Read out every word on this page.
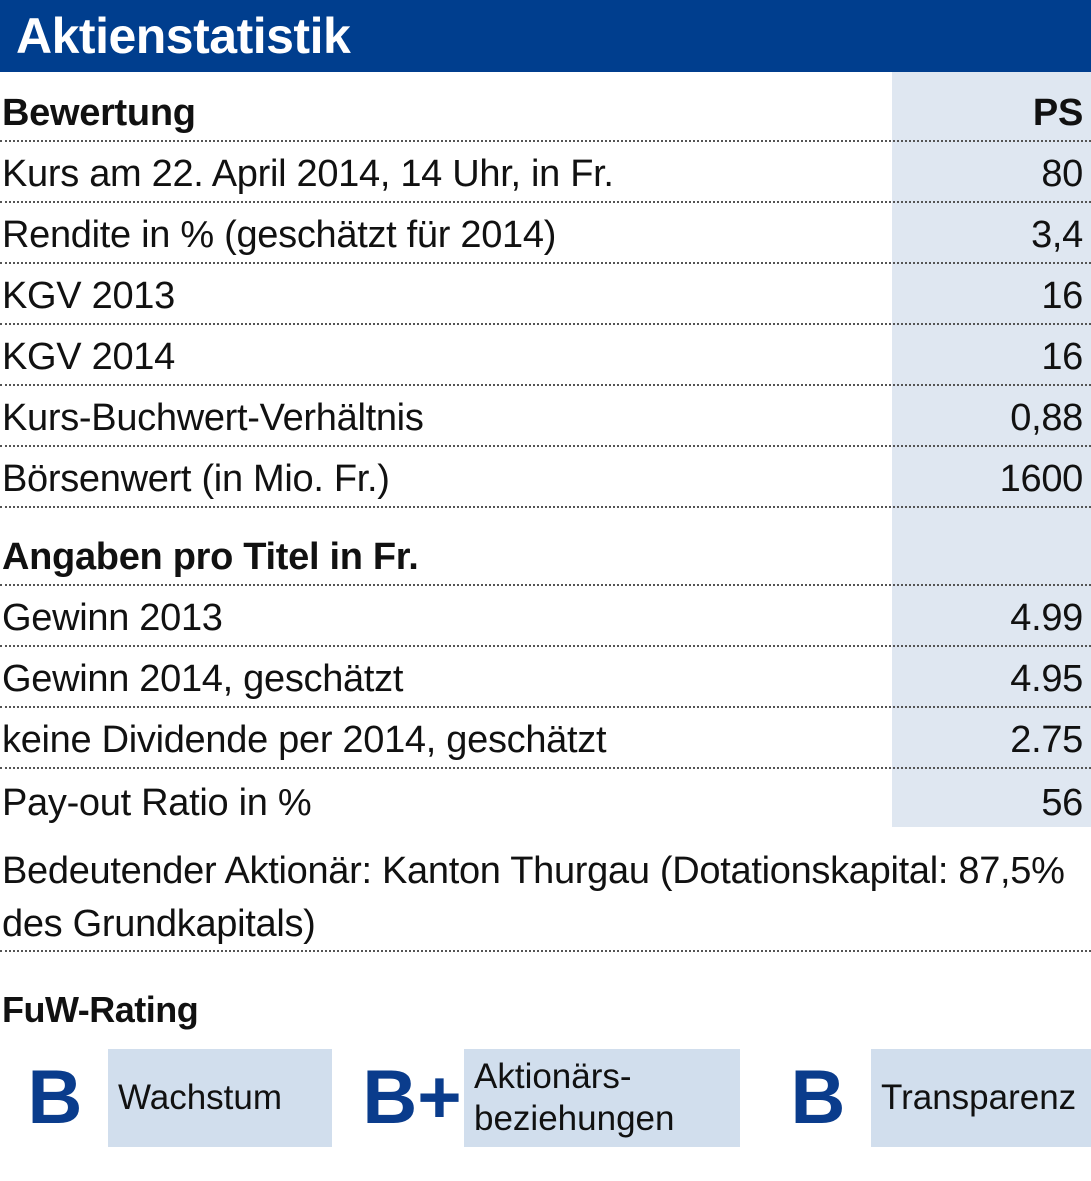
Aktienstatistik
Bewertung	PS
Kurs am 22. April 2014, 14 Uhr, in Fr.	80
Rendite in % (geschätzt für 2014)	3,4
KGV 2013	16
KGV 2014	16
Kurs-Buchwert-Verhältnis	0,88
Börsenwert (in Mio. Fr.)	1600
Angaben pro Titel in Fr.
Gewinn 2013	4.99
Gewinn 2014, geschätzt	4.95
keine Dividende per 2014, geschätzt	2.75
Pay-out Ratio in %	56
Bedeutender Aktionär: Kanton Thurgau (Dotationskapital: 87,5% des Grundkapitals)
FuW-Rating
B Wachstum B+ Aktionärs-
beziehungen B Transparenz
